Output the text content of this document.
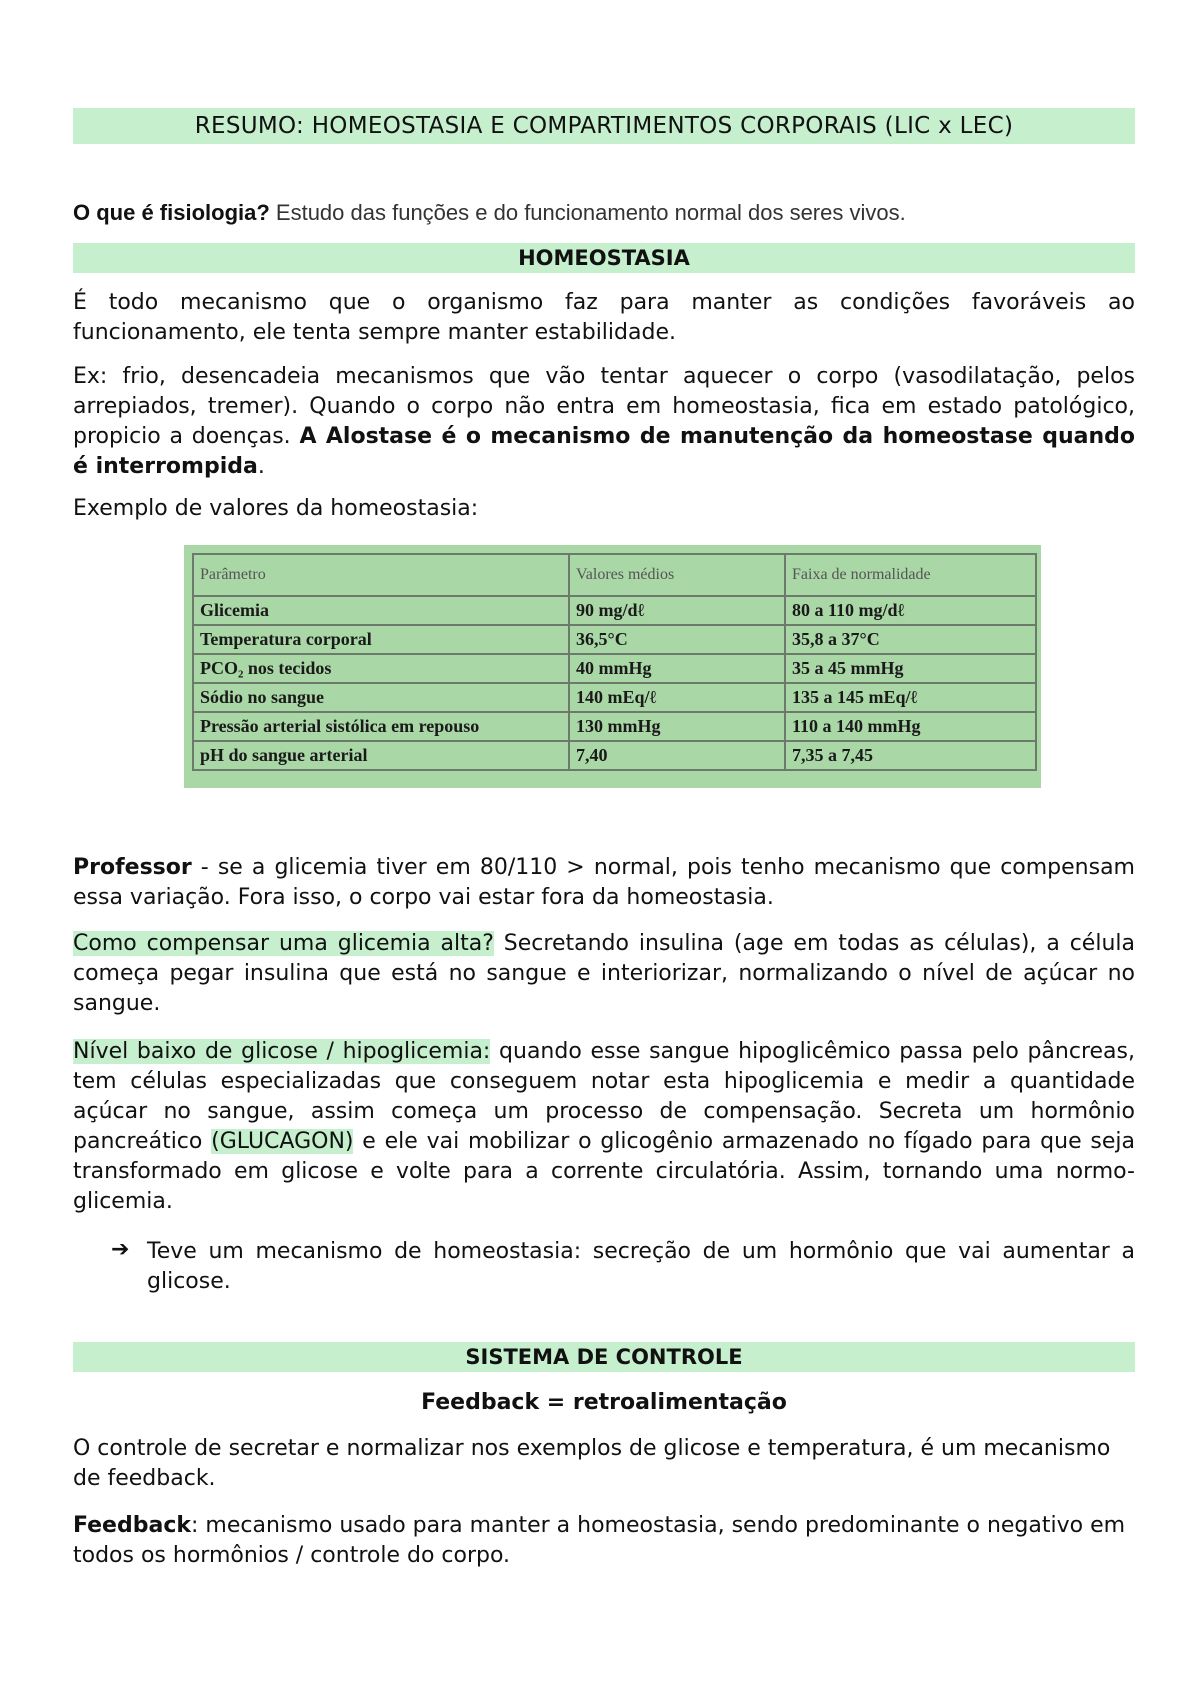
RESUMO: HOMEOSTASIA E COMPARTIMENTOS CORPORAIS (LIC x LEC)

O que é fisiologia? Estudo das funções e do funcionamento normal dos seres vivos.

HOMEOSTASIA

É todo mecanismo que o organismo faz para manter as condições favoráveis ao funcionamento, ele tenta sempre manter estabilidade.

Ex: frio, desencadeia mecanismos que vão tentar aquecer o corpo (vasodilatação, pelos arrepiados, tremer). Quando o corpo não entra em homeostasia, fica em estado patológico, propicio a doenças. A Alostase é o mecanismo de manutenção da homeostase quando é interrompida.

Exemplo de valores da homeostasia:

Parâmetro	Valores médios	Faixa de normalidade
Glicemia	90 mg/dℓ	80 a 110 mg/dℓ
Temperatura corporal	36,5°C	35,8 a 37°C
PCO₂ nos tecidos	40 mmHg	35 a 45 mmHg
Sódio no sangue	140 mEq/ℓ	135 a 145 mEq/ℓ
Pressão arterial sistólica em repouso	130 mmHg	110 a 140 mmHg
pH do sangue arterial	7,40	7,35 a 7,45

Professor - se a glicemia tiver em 80/110 > normal, pois tenho mecanismo que compensam essa variação. Fora isso, o corpo vai estar fora da homeostasia.

Como compensar uma glicemia alta? Secretando insulina (age em todas as células), a célula começa pegar insulina que está no sangue e interiorizar, normalizando o nível de açúcar no sangue.

Nível baixo de glicose / hipoglicemia: quando esse sangue hipoglicêmico passa pelo pâncreas, tem células especializadas que conseguem notar esta hipoglicemia e medir a quantidade açúcar no sangue, assim começa um processo de compensação. Secreta um hormônio pancreático (GLUCAGON) e ele vai mobilizar o glicogênio armazenado no fígado para que seja transformado em glicose e volte para a corrente circulatória. Assim, tornando uma normo-glicemia.

➔ Teve um mecanismo de homeostasia: secreção de um hormônio que vai aumentar a glicose.

SISTEMA DE CONTROLE

Feedback = retroalimentação

O controle de secretar e normalizar nos exemplos de glicose e temperatura, é um mecanismo de feedback.

Feedback: mecanismo usado para manter a homeostasia, sendo predominante o negativo em todos os hormônios / controle do corpo.
